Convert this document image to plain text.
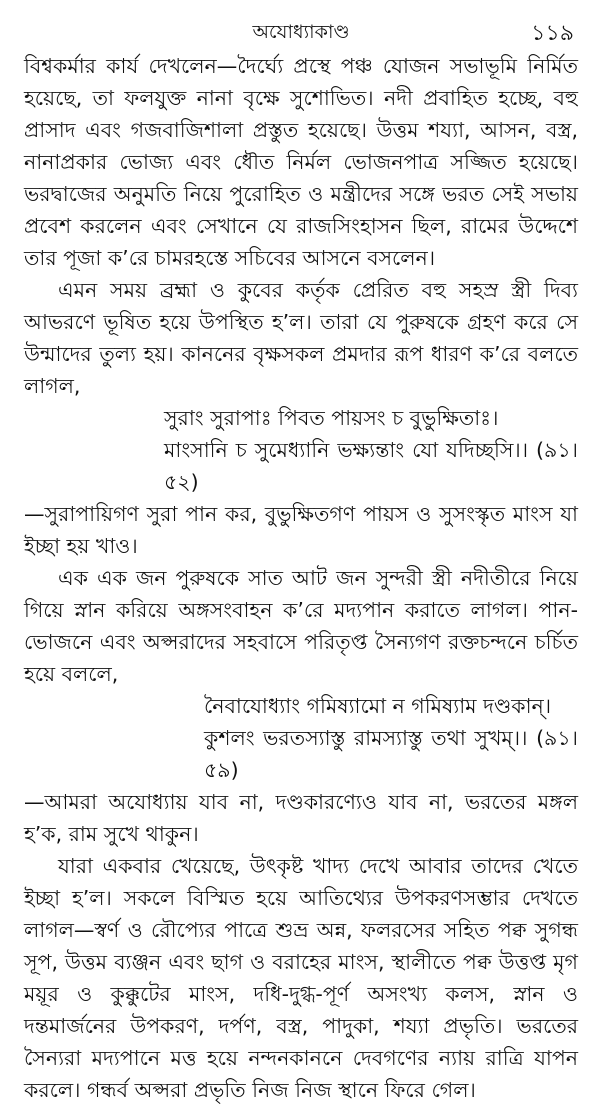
অযোধ্যাকাণ্ড	১১৯

বিশ্বকর্মার কার্য দেখলেন—দৈর্ঘ্যে প্রস্থে পঞ্চ যোজন সভাভূমি নির্মিত হয়েছে, তা ফলযুক্ত নানা বৃক্ষে সুশোভিত। নদী প্রবাহিত হচ্ছে, বহু প্রাসাদ এবং গজবাজিশালা প্রস্তুত হয়েছে। উত্তম শয্যা, আসন, বস্ত্র, নানাপ্রকার ভোজ্য এবং ধৌত নির্মল ভোজনপাত্র সজ্জিত হয়েছে। ভরদ্বাজের অনুমতি নিয়ে পুরোহিত ও মন্ত্রীদের সঙ্গে ভরত সেই সভায় প্রবেশ করলেন এবং সেখানে যে রাজসিংহাসন ছিল, রামের উদ্দেশে তার পূজা ক’রে চামরহস্তে সচিবের আসনে বসলেন।

এমন সময় ব্রহ্মা ও কুবের কর্তৃক প্রেরিত বহু সহস্র স্ত্রী দিব্য আভরণে ভূষিত হয়ে উপস্থিত হ’ল। তারা যে পুরুষকে গ্রহণ করে সে উন্মাদের তুল্য হয়। কাননের বৃক্ষসকল প্রমদার রূপ ধারণ ক’রে বলতে লাগল,

সুরাং সুরাপাঃ পিবত পায়সং চ বুভুক্ষিতাঃ।

মাংসানি চ সুমেধ্যানি ভক্ষ্যন্তাং যো যদিচ্ছসি।। (৯১।৫২)

—সুরাপায়িগণ সুরা পান কর, বুভুক্ষিতগণ পায়স ও সুসংস্কৃত মাংস যা ইচ্ছা হয় খাও।

এক এক জন পুরুষকে সাত আট জন সুন্দরী স্ত্রী নদীতীরে নিয়ে গিয়ে স্নান করিয়ে অঙ্গসংবাহন ক’রে মদ্যপান করাতে লাগল। পান-ভোজনে এবং অপ্সরাদের সহবাসে পরিতৃপ্ত সৈন্যগণ রক্তচন্দনে চর্চিত হয়ে বললে,

নৈবাযোধ্যাং গমিষ্যামো ন গমিষ্যাম দণ্ডকান্।

কুশলং ভরতস্যাস্তু রামস্যাস্তু তথা সুখম্।। (৯১।৫৯)

—আমরা অযোধ্যায় যাব না, দণ্ডকারণ্যেও যাব না, ভরতের মঙ্গল হ’ক, রাম সুখে থাকুন।

যারা একবার খেয়েছে, উৎকৃষ্ট খাদ্য দেখে আবার তাদের খেতে ইচ্ছা হ’ল। সকলে বিস্মিত হয়ে আতিথ্যের উপকরণসম্ভার দেখতে লাগল—স্বর্ণ ও রৌপ্যের পাত্রে শুভ্র অন্ন, ফলরসের সহিত পক্ব সুগন্ধ সূপ, উত্তম ব্যঞ্জন এবং ছাগ ও বরাহের মাংস, স্থালীতে পক্ব উত্তপ্ত মৃগ ময়ূর ও কুক্কুটের মাংস, দধি-দুগ্ধ-পূর্ণ অসংখ্য কলস, স্নান ও দন্তমার্জনের উপকরণ, দর্পণ, বস্ত্র, পাদুকা, শয্যা প্রভৃতি। ভরতের সৈন্যরা মদ্যপানে মত্ত হয়ে নন্দনকাননে দেবগণের ন্যায় রাত্রি যাপন করলে। গন্ধর্ব অপ্সরা প্রভৃতি নিজ নিজ স্থানে ফিরে গেল।
